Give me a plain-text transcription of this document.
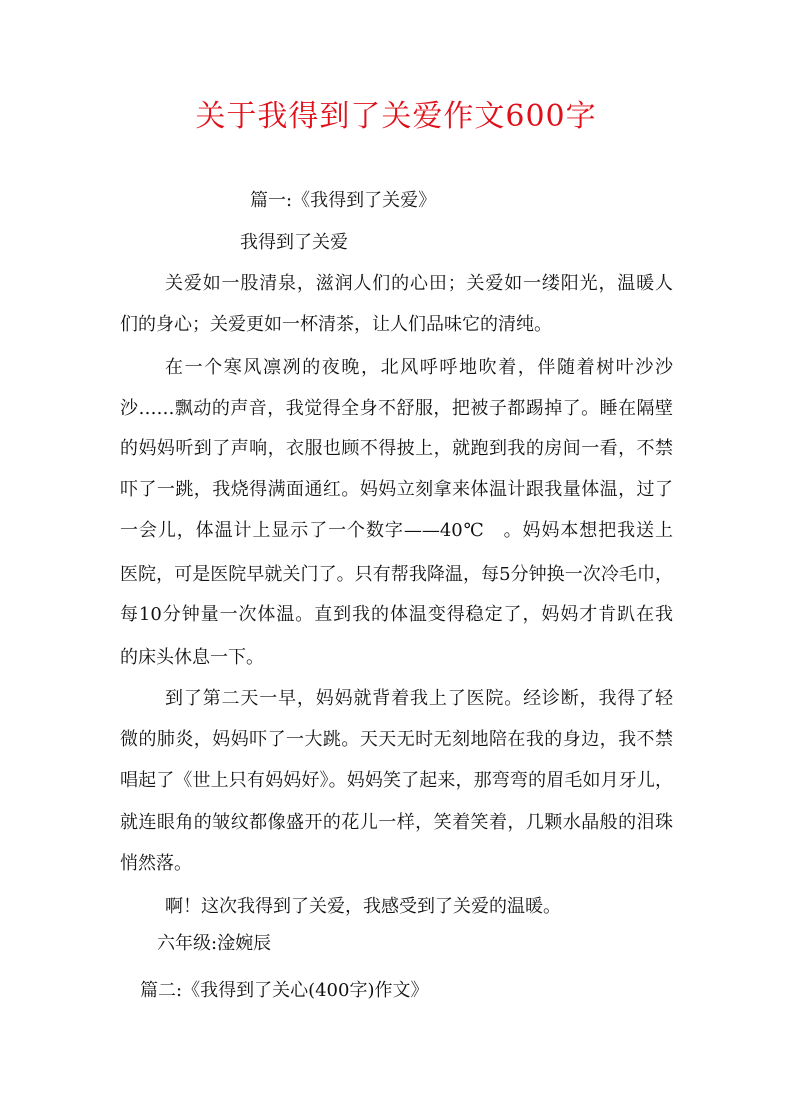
关于我得到了关爱作文600字
篇一:《我得到了关爱》
我得到了关爱
关爱如一股清泉，滋润人们的心田；关爱如一缕阳光，温暖人
们的身心；关爱更如一杯清茶，让人们品味它的清纯。
在一个寒风凛冽的夜晚，北风呼呼地吹着，伴随着树叶沙沙
沙……飘动的声音，我觉得全身不舒服，把被子都踢掉了。睡在隔壁
的妈妈听到了声响，衣服也顾不得披上，就跑到我的房间一看，不禁
吓了一跳，我烧得满面通红。妈妈立刻拿来体温计跟我量体温，过了
一会儿，体温计上显示了一个数字——40℃　。妈妈本想把我送上
医院，可是医院早就关门了。只有帮我降温，每5分钟换一次冷毛巾，
每10分钟量一次体温。直到我的体温变得稳定了，妈妈才肯趴在我
的床头休息一下。
到了第二天一早，妈妈就背着我上了医院。经诊断，我得了轻
微的肺炎，妈妈吓了一大跳。天天无时无刻地陪在我的身边，我不禁
唱起了《世上只有妈妈好》。妈妈笑了起来，那弯弯的眉毛如月牙儿，
就连眼角的皱纹都像盛开的花儿一样，笑着笑着，几颗水晶般的泪珠
悄然落。
啊！这次我得到了关爱，我感受到了关爱的温暖。
六年级:淦婉辰
篇二:《我得到了关心(400字)作文》
